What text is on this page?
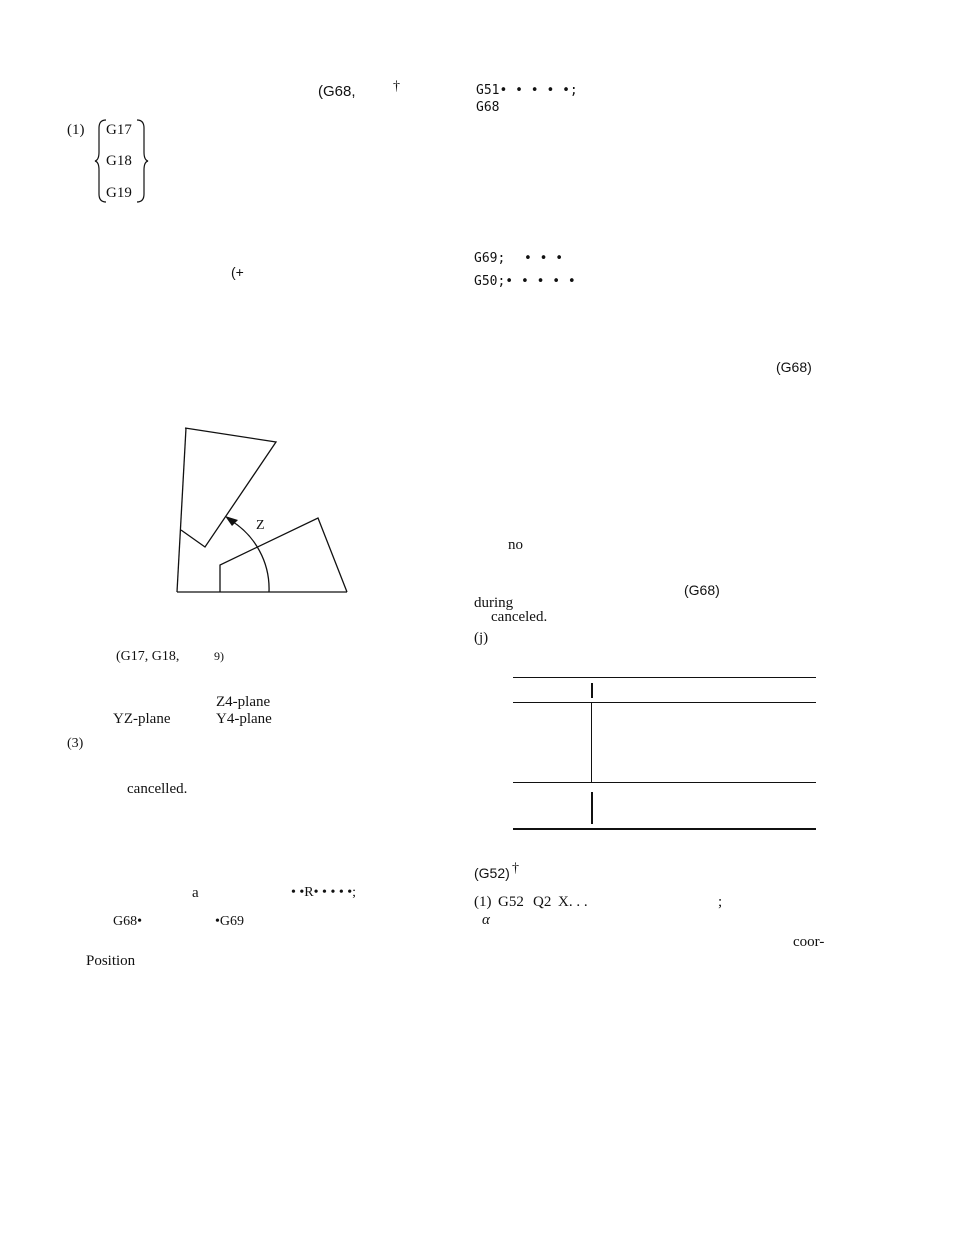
(G68,	†
(1) G17
G18
G19
(+
Z
(G17, G18,	9)
Z4-plane
YZ-plane	Y4-plane
(3)
cancelled.
a	• •R• • • • •;
G68•	•G69
Position
G51• • • • •;
G68
G69; • • •
G50;• • • • •
(G68)
no
(G68)
during
canceled.
(j)
(G52) †
(1) G52 Q2 X. . .	;
α
coor-
